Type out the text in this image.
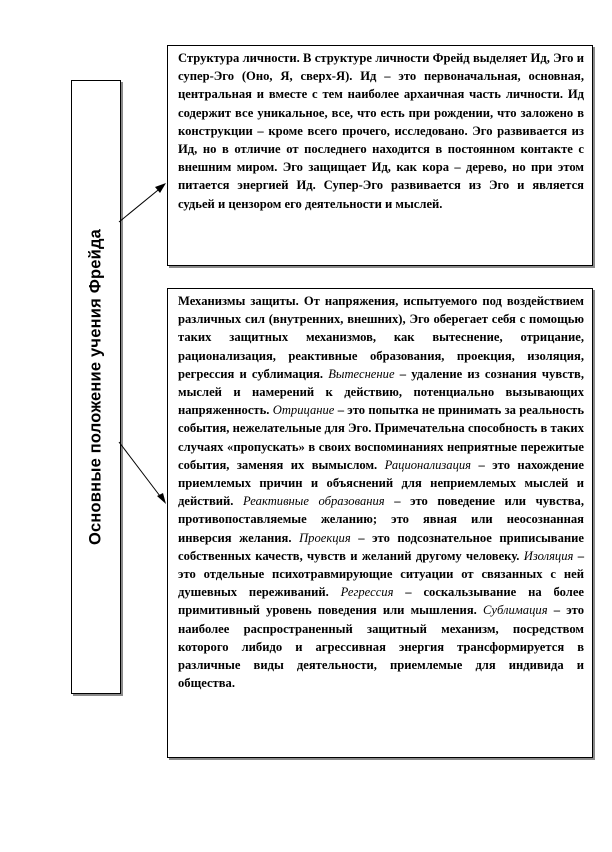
Основные положение учения Фрейда

Структура личности. В структуре личности Фрейд выделяет Ид, Эго и супер-Эго (Оно, Я, сверх-Я). Ид – это первоначальная, основная, центральная и вместе с тем наиболее архаичная часть личности. Ид содержит все уникальное, все, что есть при рождении, что заложено в конструкции – кроме всего прочего, исследовано. Эго развивается из Ид, но в отличие от последнего находится в постоянном контакте с внешним миром. Эго защищает Ид, как кора – дерево, но при этом питается энергией Ид. Супер-Эго развивается из Эго и является судьей и цензором его деятельности и мыслей.

Механизмы защиты. От напряжения, испытуемого под воздействием различных сил (внутренних, внешних), Эго оберегает себя с помощью таких защитных механизмов, как вытеснение, отрицание, рационализация, реактивные образования, проекция, изоляция, регрессия и сублимация. Вытеснение – удаление из сознания чувств, мыслей и намерений к действию, потенциально вызывающих напряженность. Отрицание – это попытка не принимать за реальность события, нежелательные для Эго. Примечательна способность в таких случаях «пропускать» в своих воспоминаниях неприятные пережитые события, заменяя их вымыслом. Рационализация – это нахождение приемлемых причин и объяснений для неприемлемых мыслей и действий. Реактивные образования – это поведение или чувства, противопоставляемые желанию; это явная или неосознанная инверсия желания. Проекция – это подсознательное приписывание собственных качеств, чувств и желаний другому человеку. Изоляция – это отдельные психотравмирующие ситуации от связанных с ней душевных переживаний. Регрессия – соскальзывание на более примитивный уровень поведения или мышления. Сублимация – это наиболее распространенный защитный механизм, посредством которого либидо и агрессивная энергия трансформируется в различные виды деятельности, приемлемые для индивида и общества.
